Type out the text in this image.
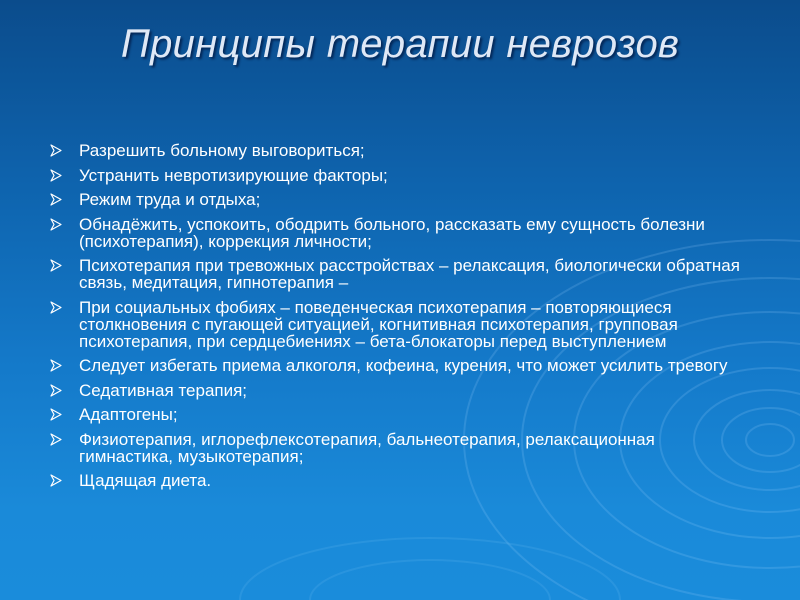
Принципы терапии неврозов
Разрешить больному выговориться;
Устранить невротизирующие факторы;
Режим труда и отдыха;
Обнадёжить, успокоить, ободрить больного, рассказать ему сущность болезни (психотерапия), коррекция личности;
Психотерапия при тревожных расстройствах – релаксация, биологически обратная связь, медитация, гипнотерапия –
При социальных фобиях – поведенческая психотерапия – повторяющиеся столкновения с пугающей ситуацией, когнитивная психотерапия, групповая психотерапия, при сердцебиениях – бета-блокаторы перед выступлением
Следует избегать приема алкоголя, кофеина, курения, что может усилить тревогу
Седативная терапия;
Адаптогены;
Физиотерапия, иглорефлексотерапия, бальнеотерапия, релаксационная гимнастика, музыкотерапия;
Щадящая диета.
